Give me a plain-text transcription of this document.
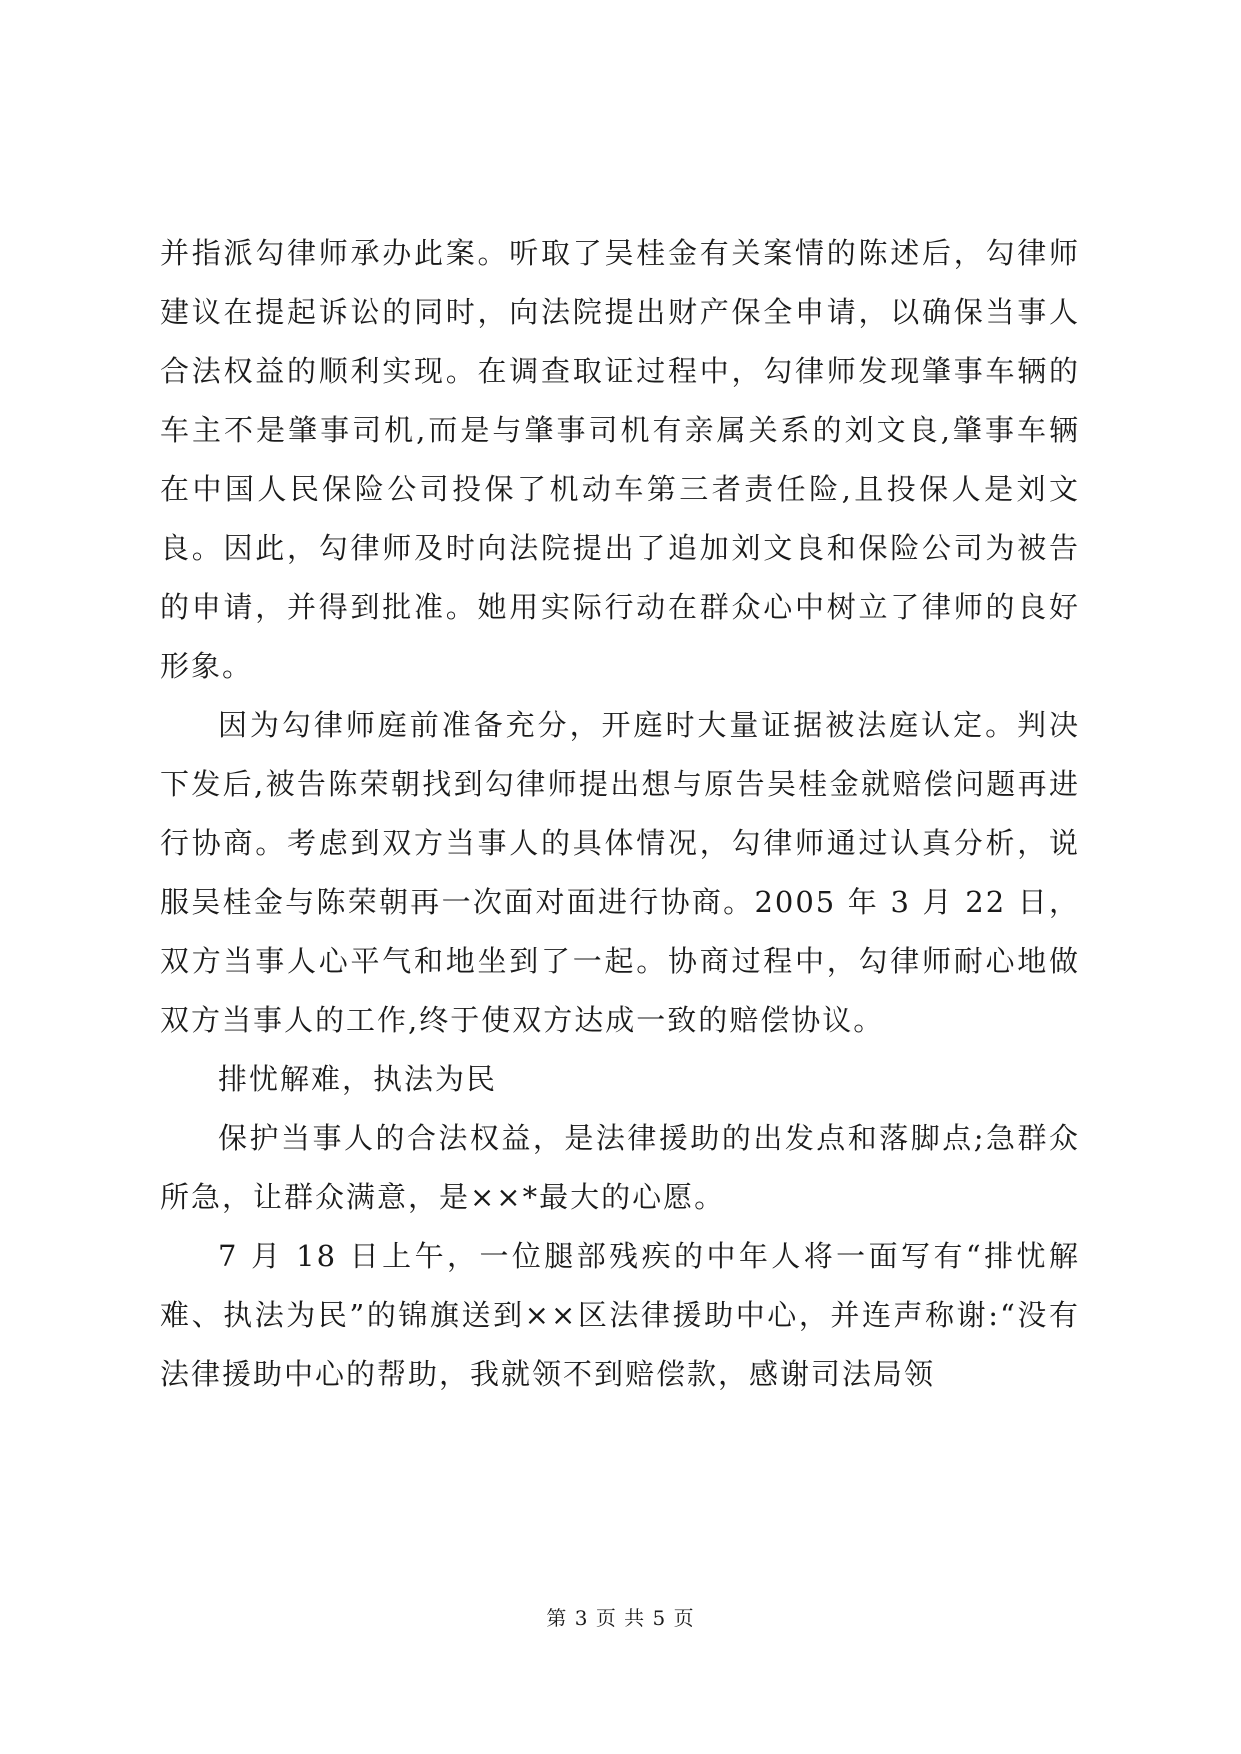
并指派勾律师承办此案。听取了吴桂金有关案情的陈述后，勾律师建议在提起诉讼的同时，向法院提出财产保全申请，以确保当事人合法权益的顺利实现。在调查取证过程中，勾律师发现肇事车辆的车主不是肇事司机,而是与肇事司机有亲属关系的刘文良,肇事车辆在中国人民保险公司投保了机动车第三者责任险,且投保人是刘文良。因此，勾律师及时向法院提出了追加刘文良和保险公司为被告的申请，并得到批准。她用实际行动在群众心中树立了律师的良好形象。

因为勾律师庭前准备充分，开庭时大量证据被法庭认定。判决下发后,被告陈荣朝找到勾律师提出想与原告吴桂金就赔偿问题再进行协商。考虑到双方当事人的具体情况，勾律师通过认真分析，说服吴桂金与陈荣朝再一次面对面进行协商。2005 年 3 月 22 日，双方当事人心平气和地坐到了一起。协商过程中，勾律师耐心地做双方当事人的工作,终于使双方达成一致的赔偿协议。

排忧解难，执法为民

保护当事人的合法权益，是法律援助的出发点和落脚点;急群众所急，让群众满意，是××*最大的心愿。

7 月 18 日上午，一位腿部残疾的中年人将一面写有“排忧解难、执法为民”的锦旗送到××区法律援助中心，并连声称谢:“没有法律援助中心的帮助，我就领不到赔偿款，感谢司法局领

第 3 页 共 5 页
